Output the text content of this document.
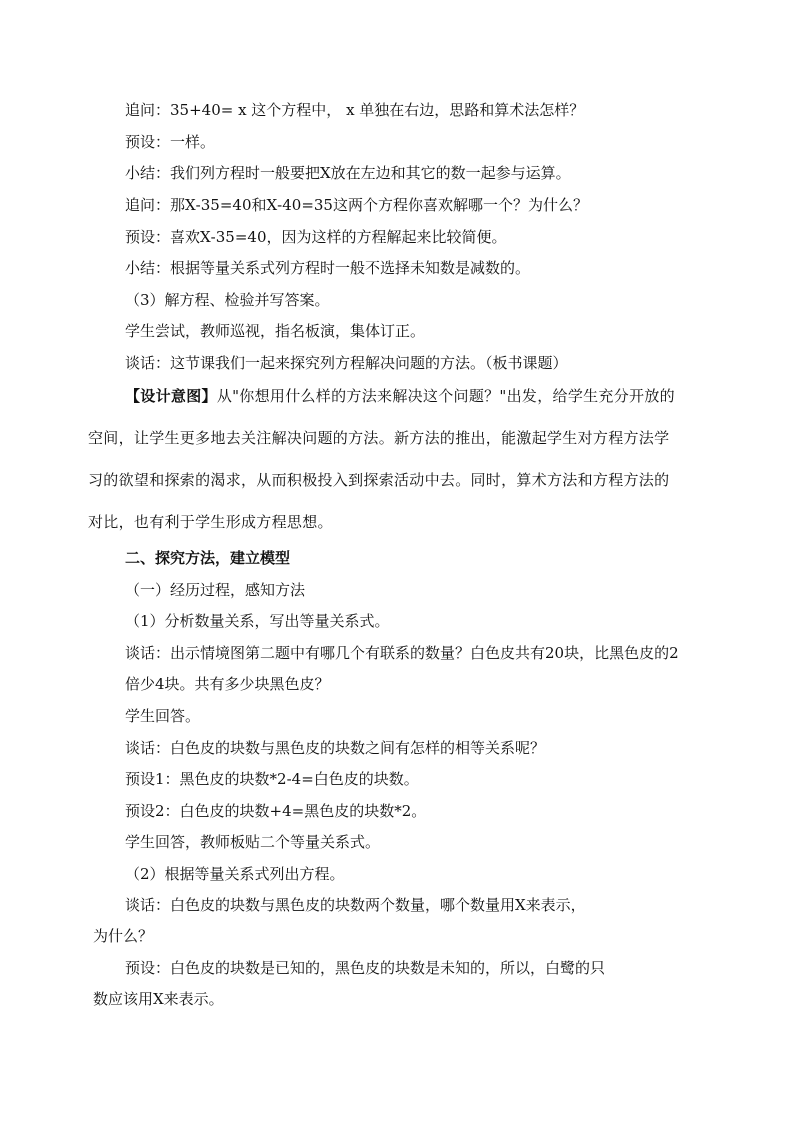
追问：35+40= x 这个方程中， x 单独在右边，思路和算术法怎样？
预设：一样。
小结：我们列方程时一般要把Ⅹ放在左边和其它的数一起参与运算。
追问：那Ⅹ-35=40和Ⅹ-40=35这两个方程你喜欢解哪一个？为什么？
预设：喜欢Ⅹ-35=40，因为这样的方程解起来比较简便。
小结：根据等量关系式列方程时一般不选择未知数是减数的。
（3）解方程、检验并写答案。
学生尝试，教师巡视，指名板演，集体订正。
谈话：这节课我们一起来探究列方程解决问题的方法。（板书课题）
【设计意图】从"你想用什么样的方法来解决这个问题？"出发，给学生充分开放的
空间，让学生更多地去关注解决问题的方法。新方法的推出，能激起学生对方程方法学
习的欲望和探索的渴求，从而积极投入到探索活动中去。同时，算术方法和方程方法的
对比，也有利于学生形成方程思想。
二、探究方法，建立模型
（一）经历过程，感知方法
（1）分析数量关系，写出等量关系式。
谈话：出示情境图第二题中有哪几个有联系的数量？白色皮共有20块，比黑色皮的2
倍少4块。共有多少块黑色皮？
学生回答。
谈话：白色皮的块数与黑色皮的块数之间有怎样的相等关系呢？
预设1：黑色皮的块数*2-4=白色皮的块数。
预设2：白色皮的块数+4=黑色皮的块数*2。
学生回答，教师板贴二个等量关系式。
（2）根据等量关系式列出方程。
谈话：白色皮的块数与黑色皮的块数两个数量，哪个数量用Ⅹ来表示，
为什么？
预设：白色皮的块数是已知的，黑色皮的块数是未知的，所以，白鹭的只
数应该用Ⅹ来表示。
